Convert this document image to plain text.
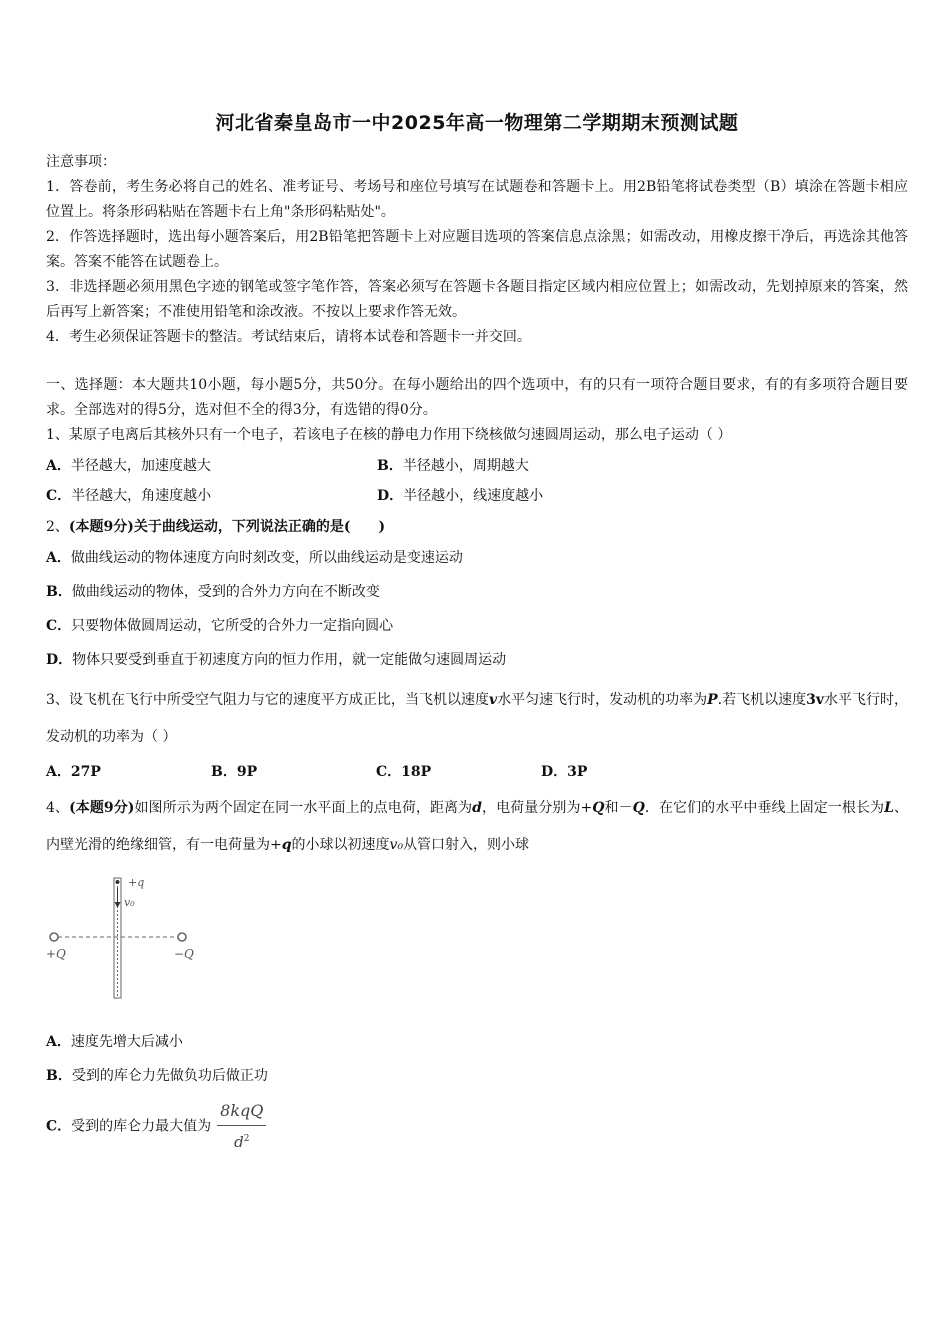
河北省秦皇岛市一中2025年高一物理第二学期期末预测试题

注意事项：

1．答卷前，考生务必将自己的姓名、准考证号、考场号和座位号填写在试题卷和答题卡上。用2B铅笔将试卷类型（B）填涂在答题卡相应位置上。将条形码粘贴在答题卡右上角"条形码粘贴处"。

2．作答选择题时，选出每小题答案后，用2B铅笔把答题卡上对应题目选项的答案信息点涂黑；如需改动，用橡皮擦干净后，再选涂其他答案。答案不能答在试题卷上。

3．非选择题必须用黑色字迹的钢笔或签字笔作答，答案必须写在答题卡各题目指定区域内相应位置上；如需改动，先划掉原来的答案，然后再写上新答案；不准使用铅笔和涂改液。不按以上要求作答无效。

4．考生必须保证答题卡的整洁。考试结束后，请将本试卷和答题卡一并交回。

一、选择题：本大题共10小题，每小题5分，共50分。在每小题给出的四个选项中，有的只有一项符合题目要求，有的有多项符合题目要求。全部选对的得5分，选对但不全的得3分，有选错的得0分。

1、某原子电离后其核外只有一个电子，若该电子在核的静电力作用下绕核做匀速圆周运动，那么电子运动（ ）

A．半径越大，加速度越大	B．半径越小，周期越大
C．半径越大，角速度越小	D．半径越小，线速度越小

2、(本题9分)关于曲线运动，下列说法正确的是(　　)

A．做曲线运动的物体速度方向时刻改变，所以曲线运动是变速运动

B．做曲线运动的物体，受到的合外力方向在不断改变

C．只要物体做圆周运动，它所受的合外力一定指向圆心

D．物体只要受到垂直于初速度方向的恒力作用，就一定能做匀速圆周运动

3、设飞机在飞行中所受空气阻力与它的速度平方成正比，当飞机以速度v水平匀速飞行时，发动机的功率为P.若飞机以速度3v水平飞行时，发动机的功率为（ ）

A．27P	B．9P	C．18P	D．3P

4、(本题9分)如图所示为两个固定在同一水平面上的点电荷，距离为d，电荷量分别为+Q和－Q．在它们的水平中垂线上固定一根长为L、内壁光滑的绝缘细管，有一电荷量为+q的小球以初速度v₀从管口射入，则小球

+q
v₀
+Q	−Q

A．速度先增大后减小

B．受到的库仑力先做负功后做正功

C．受到的库仑力最大值为 $\frac{\text{8kqQ}}{d^2}$
